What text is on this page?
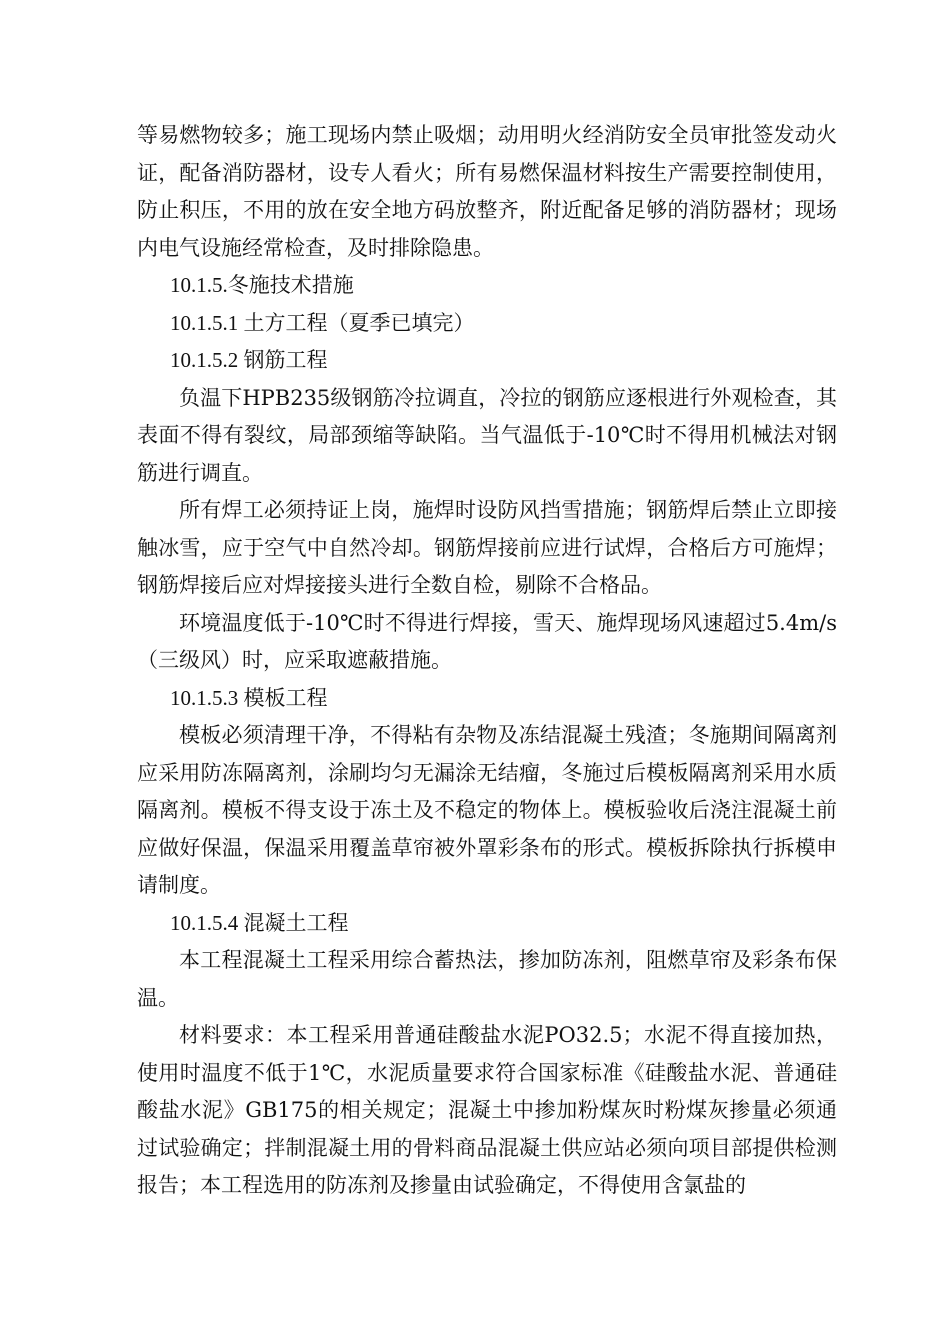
等易燃物较多；施工现场内禁止吸烟；动用明火经消防安全员审批签发动火证，配备消防器材，设专人看火；所有易燃保温材料按生产需要控制使用，防止积压，不用的放在安全地方码放整齐，附近配备足够的消防器材；现场内电气设施经常检查，及时排除隐患。

10.1.5.冬施技术措施

10.1.5.1 土方工程（夏季已填完）

10.1.5.2 钢筋工程

负温下HPB235级钢筋冷拉调直，冷拉的钢筋应逐根进行外观检查，其表面不得有裂纹，局部颈缩等缺陷。当气温低于-10℃时不得用机械法对钢筋进行调直。

所有焊工必须持证上岗，施焊时设防风挡雪措施；钢筋焊后禁止立即接触冰雪，应于空气中自然冷却。钢筋焊接前应进行试焊，合格后方可施焊；钢筋焊接后应对焊接接头进行全数自检，剔除不合格品。

环境温度低于-10℃时不得进行焊接，雪天、施焊现场风速超过5.4m/s（三级风）时，应采取遮蔽措施。

10.1.5.3 模板工程

模板必须清理干净，不得粘有杂物及冻结混凝土残渣；冬施期间隔离剂应采用防冻隔离剂，涂刷均匀无漏涂无结瘤，冬施过后模板隔离剂采用水质隔离剂。模板不得支设于冻土及不稳定的物体上。模板验收后浇注混凝土前应做好保温，保温采用覆盖草帘被外罩彩条布的形式。模板拆除执行拆模申请制度。

10.1.5.4 混凝土工程

本工程混凝土工程采用综合蓄热法，掺加防冻剂，阻燃草帘及彩条布保温。

材料要求：本工程采用普通硅酸盐水泥PO32.5；水泥不得直接加热，使用时温度不低于1℃，水泥质量要求符合国家标准《硅酸盐水泥、普通硅酸盐水泥》GB175的相关规定；混凝土中掺加粉煤灰时粉煤灰掺量必须通过试验确定；拌制混凝土用的骨料商品混凝土供应站必须向项目部提供检测报告；本工程选用的防冻剂及掺量由试验确定，不得使用含氯盐的
